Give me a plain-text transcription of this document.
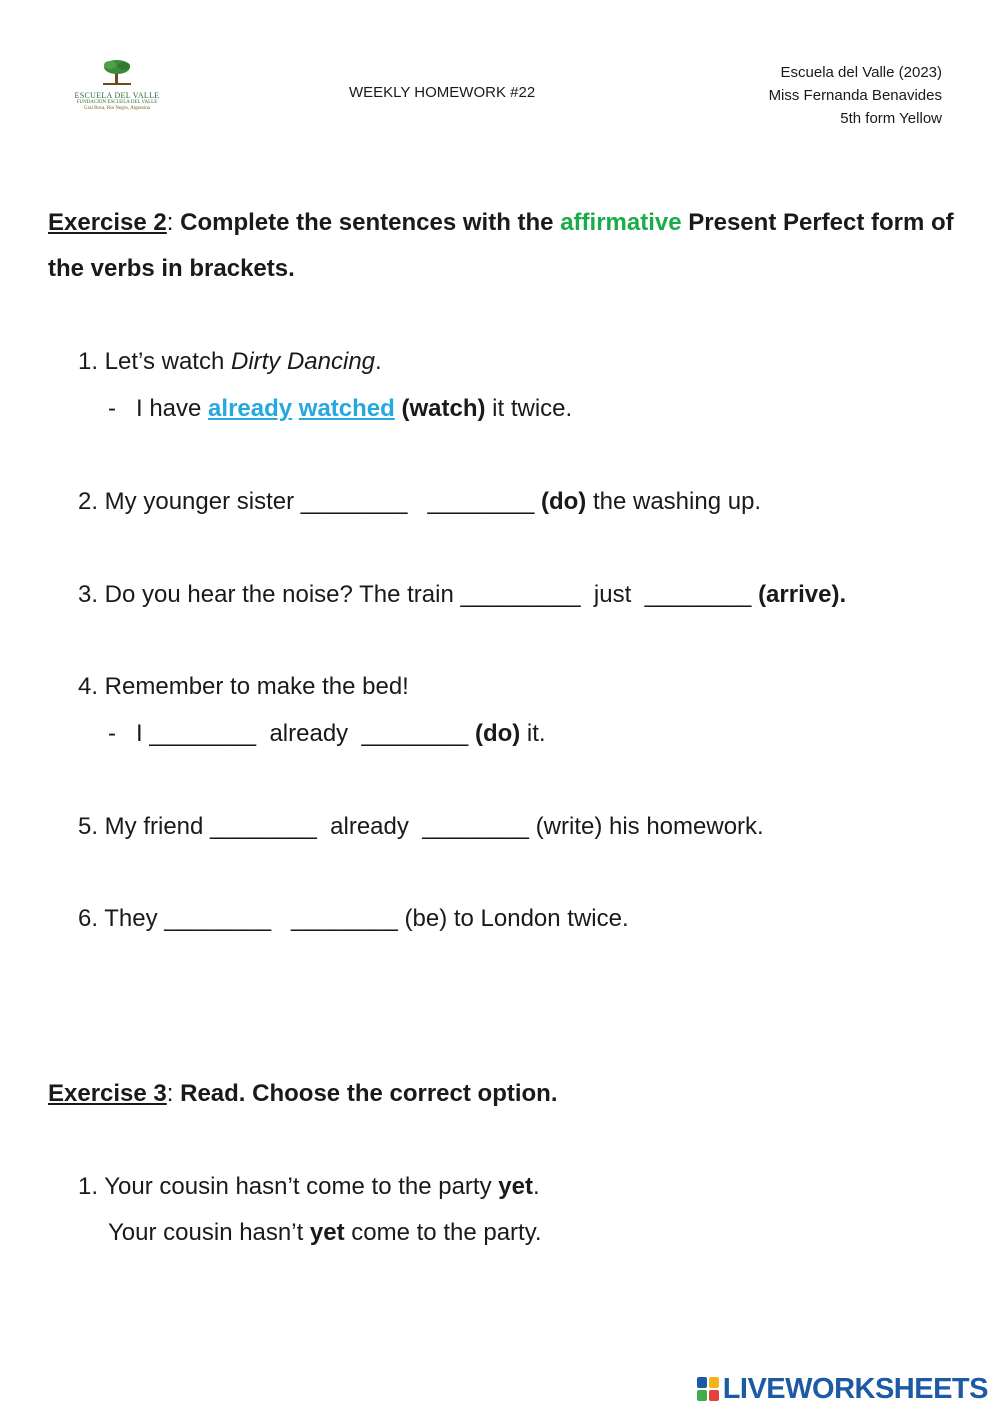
ESCUELA DEL VALLE
FUNDACION ESCUELA DEL VALLE
Gral Roca, Rio Negro, Argentina
WEEKLY HOMEWORK #22
Escuela del Valle (2023)
Miss Fernanda Benavides
5th form Yellow
Exercise 2: Complete the sentences with the affirmative Present Perfect form of the verbs in brackets.
1. Let’s watch Dirty Dancing.
-   I have already watched (watch) it twice.
2. My younger sister ________   ________ (do) the washing up.
3. Do you hear the noise? The train _________  just  ________ (arrive).
4. Remember to make the bed!
-   I ________  already  ________ (do) it.
5. My friend ________  already  ________ (write) his homework.
6. They ________   ________ (be) to London twice.
Exercise 3: Read. Choose the correct option.
1. Your cousin hasn’t come to the party yet.
Your cousin hasn’t yet come to the party.
LIVEWORKSHEETS
